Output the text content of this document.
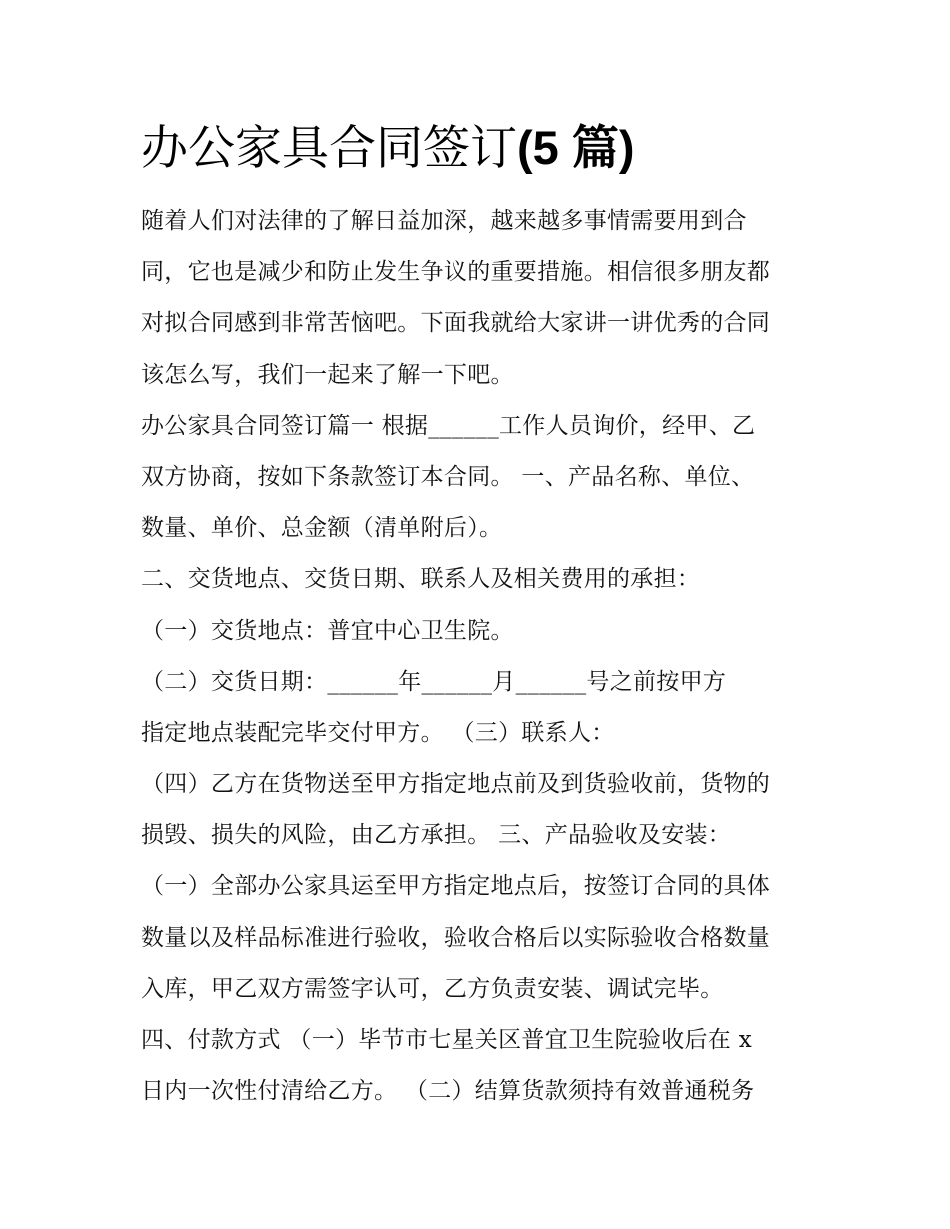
办公家具合同签订(5 篇)
随着人们对法律的了解日益加深，越来越多事情需要用到合
同，它也是减少和防止发生争议的重要措施。相信很多朋友都
对拟合同感到非常苦恼吧。下面我就给大家讲一讲优秀的合同
该怎么写，我们一起来了解一下吧。
办公家具合同签订篇一 根据______工作人员询价，经甲、乙
双方协商，按如下条款签订本合同。 一、产品名称、单位、
数量、单价、总金额（清单附后）。
二、交货地点、交货日期、联系人及相关费用的承担：
（一）交货地点：普宜中心卫生院。
（二）交货日期：______年______月______号之前按甲方
指定地点装配完毕交付甲方。 （三）联系人：
（四）乙方在货物送至甲方指定地点前及到货验收前，货物的
损毁、损失的风险，由乙方承担。 三、产品验收及安装：
（一）全部办公家具运至甲方指定地点后，按签订合同的具体
数量以及样品标准进行验收，验收合格后以实际验收合格数量
入库，甲乙双方需签字认可，乙方负责安装、调试完毕。
四、付款方式 （一）毕节市七星关区普宜卫生院验收后在 x
日内一次性付清给乙方。 （二）结算货款须持有效普通税务
